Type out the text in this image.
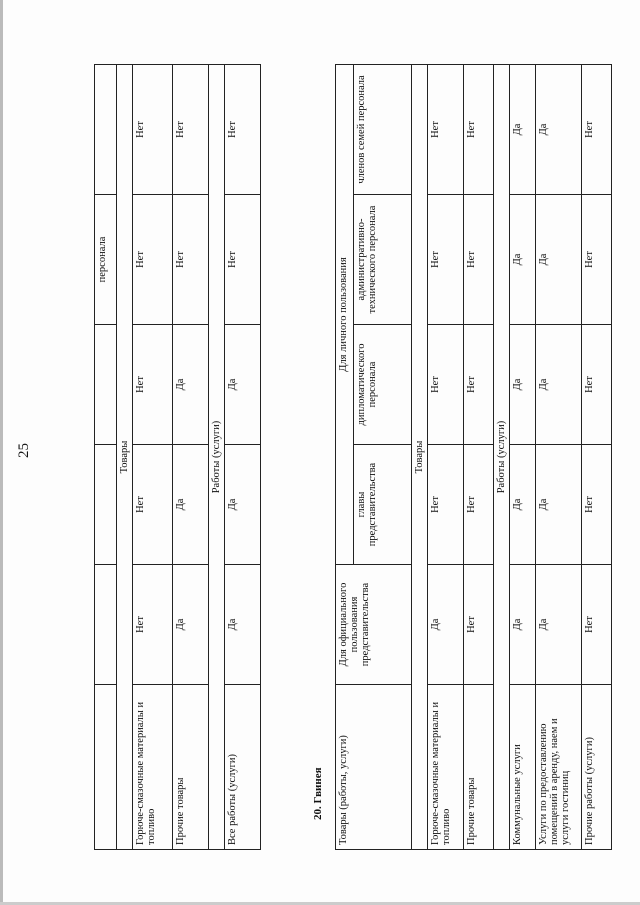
25
				персонала	
Товары					
Горюче-смазочные материалы и топливо	Нет	Нет	Нет	Нет	Нет
Прочие товары	Да	Да	Да	Нет	Нет
Работы (услуги)					
Все работы (услуги)	Да	Да	Да	Нет	Нет
20. Гвинея Товары (работы, услуги)	Для официального пользования представительства	Для личного пользования			
		главы представительства	дипломатического персонала	административно-технического персонала	членов семей персонала
Товары					
Горюче-смазочные материалы и топливо	Да	Нет	Нет	Нет	Нет
Прочие товары	Нет	Нет	Нет	Нет	Нет
Работы (услуги)					
Коммунальные услуги	Да	Да	Да	Да	Да
Услуги по предоставлению помещений в аренду, наем и услуги гостиниц	Да	Да	Да	Да	Да
Прочие работы (услуги)	Нет	Нет	Нет	Нет	Нет
